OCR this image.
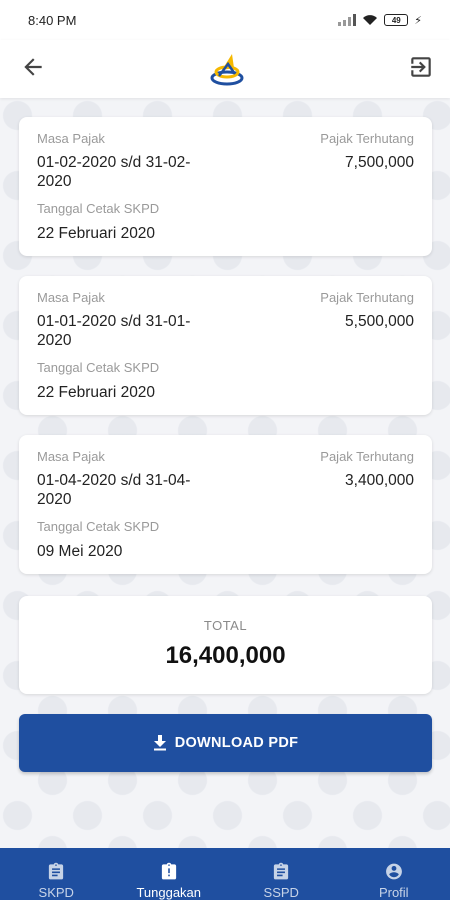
8:40 PM	49 ⚡
Masa Pajak	Pajak Terhutang
01-02-2020 s/d 31-02-2020
7,500,000
Tanggal Cetak SKPD
22 Februari 2020
Masa Pajak	Pajak Terhutang
01-01-2020 s/d 31-01-2020
5,500,000
Tanggal Cetak SKPD
22 Februari 2020
Masa Pajak	Pajak Terhutang
01-04-2020 s/d 31-04-2020
3,400,000
Tanggal Cetak SKPD
09 Mei 2020
TOTAL
16,400,000
DOWNLOAD PDF
SKPD	Tunggakan	SSPD	Profil
